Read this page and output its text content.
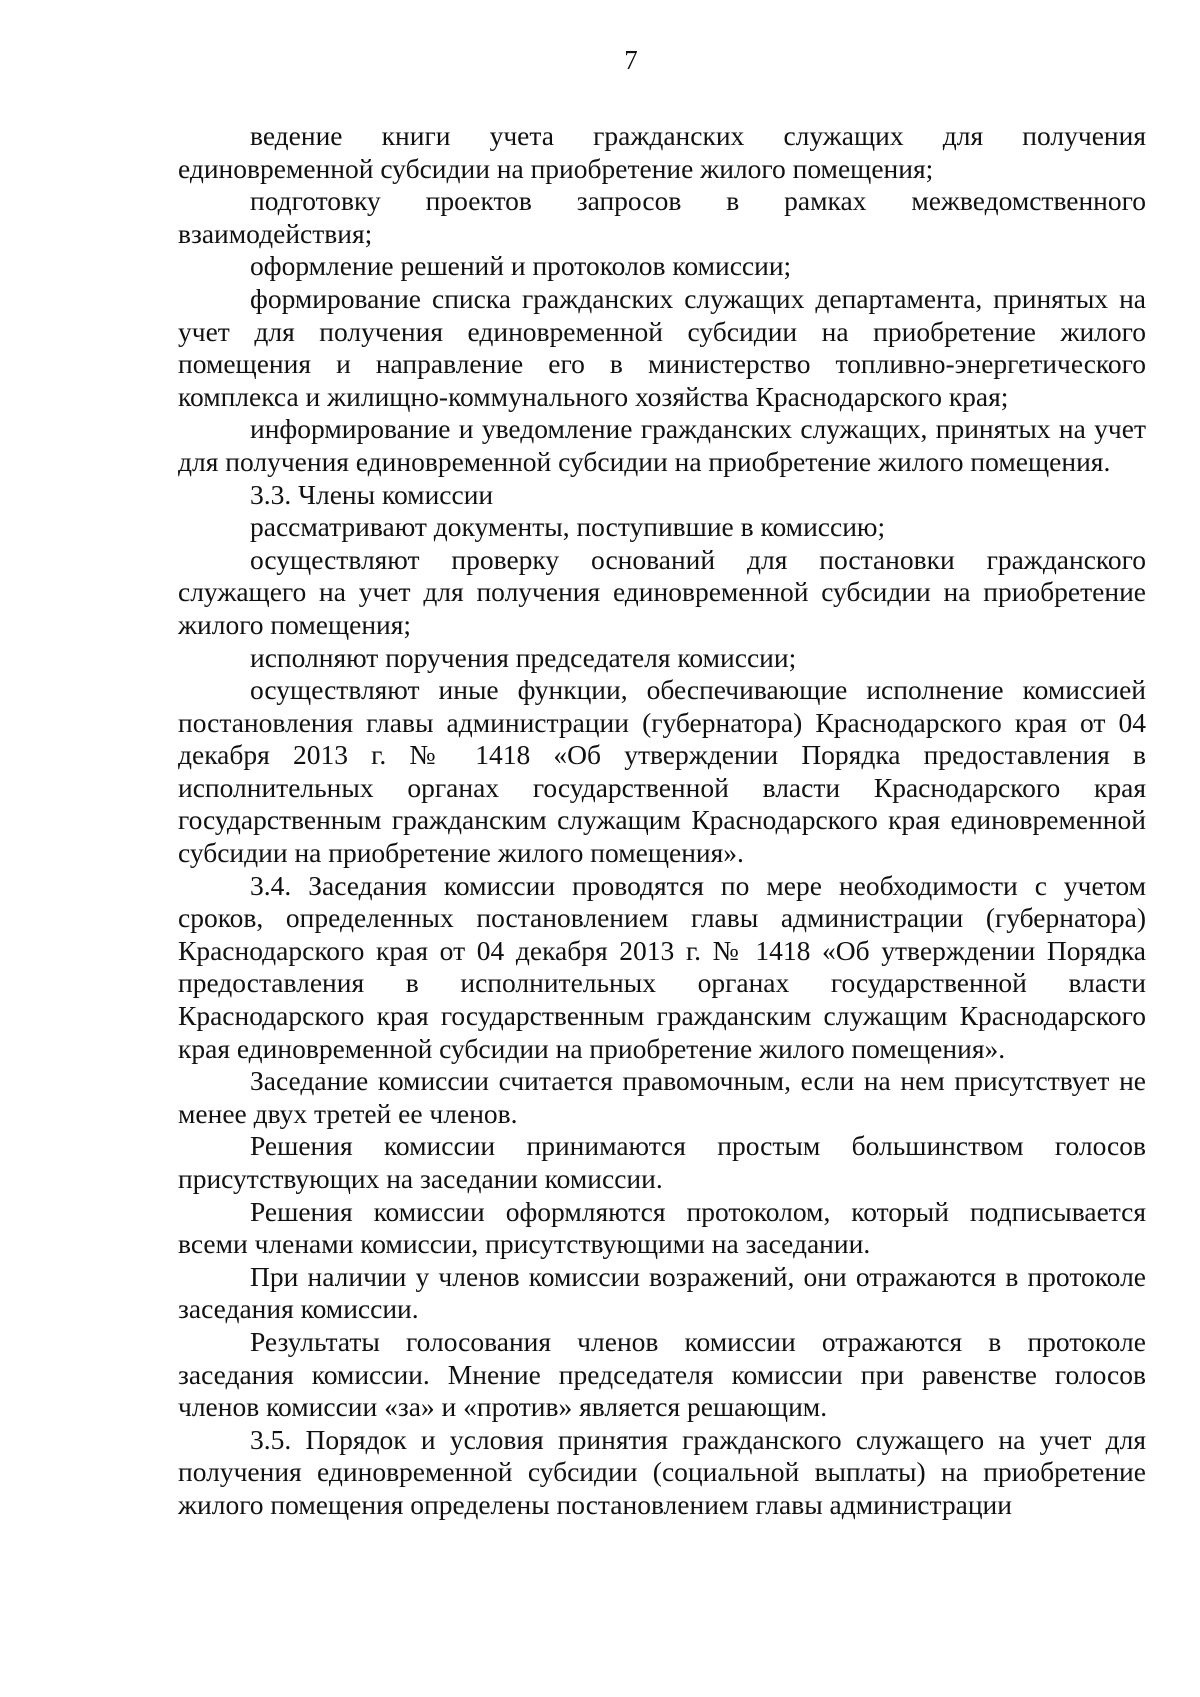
7

ведение книги учета гражданских служащих для получения единовременной субсидии на приобретение жилого помещения;

подготовку проектов запросов в рамках межведомственного взаимодействия;

оформление решений и протоколов комиссии;

формирование списка гражданских служащих департамента, принятых на учет для получения единовременной субсидии на приобретение жилого помещения и направление его в министерство топливно-энергетического комплекса и жилищно-коммунального хозяйства Краснодарского края;

информирование и уведомление гражданских служащих, принятых на учет для получения единовременной субсидии на приобретение жилого помещения.

3.3. Члены комиссии

рассматривают документы, поступившие в комиссию;

осуществляют проверку оснований для постановки гражданского служащего на учет для получения единовременной субсидии на приобретение жилого помещения;

исполняют поручения председателя комиссии;

осуществляют иные функции, обеспечивающие исполнение комиссией постановления главы администрации (губернатора) Краснодарского края от 04 декабря 2013 г. № 1418 «Об утверждении Порядка предоставления в исполнительных органах государственной власти Краснодарского края государственным гражданским служащим Краснодарского края единовременной субсидии на приобретение жилого помещения».

3.4. Заседания комиссии проводятся по мере необходимости с учетом сроков, определенных постановлением главы администрации (губернатора) Краснодарского края от 04 декабря 2013 г. № 1418 «Об утверждении Порядка предоставления в исполнительных органах государственной власти Краснодарского края государственным гражданским служащим Краснодарского края единовременной субсидии на приобретение жилого помещения».

Заседание комиссии считается правомочным, если на нем присутствует не менее двух третей ее членов.

Решения комиссии принимаются простым большинством голосов присутствующих на заседании комиссии.

Решения комиссии оформляются протоколом, который подписывается всеми членами комиссии, присутствующими на заседании.

При наличии у членов комиссии возражений, они отражаются в протоколе заседания комиссии.

Результаты голосования членов комиссии отражаются в протоколе заседания комиссии. Мнение председателя комиссии при равенстве голосов членов комиссии «за» и «против» является решающим.

3.5. Порядок и условия принятия гражданского служащего на учет для получения единовременной субсидии (социальной выплаты) на приобретение жилого помещения определены постановлением главы администрации
